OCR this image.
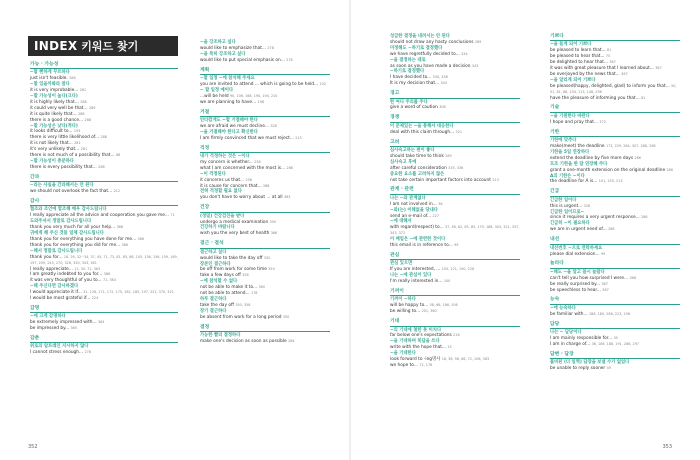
INDEX 키워드 찾기
가능 · 가능성
~할 뻔하게 무르하다
just isn't feasible. 288
~할 있을까봐라 참다
it is very improbable... 281
~할 가능성이 높다(크다)
it is highly likely that... 288
it could very well be that... 289
it is quite likely that... 288
there is a good chance... 288
~할 가능성은 낮다(적다)
it looks difficult to... 193
there is very little likelihood of... 288
it is not likely that... 281
it's very unlikely that... 281
there is not much of a possibility that... 88
~할 가능성이 충분하다
there is every possibility that... 288
간과
~라는 사실을 간과해서는 안 된다
we should not overlook the fact that... 212
감사
협조와 조언에 합조해 매우 감사드립니다
I really appreciate all the advice and cooperation you gave me... 71
도와주셔서 정말로 감사드립니다
thank you very much for all your help... 368
귀에게 해 주신 것들 일체 감사드립니다
thank you for everything you have done for me... 366
thank you for everything you did for me... 366
~해서 정말로 감사드립니다
thank you for... 18, 26, 32~34, 37, 45, 71, 73, 81, 85, 86, 105, 136, 156, 159, 169, 197, 209, 245, 270, 326, 330, 343, 361
I really appreciate... 12, 30, 71, 363
I am greatly indebted to you for... 368
it was very thoughtful of you to... 71, 363
~해 주신다면 감사하겠다
I would appreciate it if... 31, 126, 171, 172, 175, 182, 185, 197, 321, 370, 321
I would be most grateful if... 224
감명
~에 크게 감명하다
be extremely impressed with... 364
be impressed by... 365
감춘
위로의 암트레인 지시하지 않다
I cannot stress enough... 278
~을 강조하고 싶다
would like to emphasize that... 278
~을 특히 강조하고 싶다
would like to put special emphasis on... 278
계획
~할 일정 ~에 참석해 주세요
you are invited to attend ... which is going to be held... 102
~ 할 일정 예이다
...will be held 90, 106, 168, 190, 194, 210
we are planning to have... 198
거절
안타깝게도 ~할 거절해야 한다
we are afraid we must decline... 328
~을 거절해야 한다고 확신한다
I am firmly convinced that we must reject... 215
걱정
내가 걱정하는 것은 ~이다
my concern is whether... 258
what I am concerned with the most is... 286
~이 걱정된다
it concerns us that... 258
it is cause for concern that... 288
전혀 걱정할 필요 없다
you don't have to worry about ... at all 363
건강
(정밀) 건강검진을 받다
undergo a medical examination 350
건강하기 바랍니다
wish you the very best of health 366
결근 · 결석
결근하고 싶다
would like to take the day off 330
장본인 결근하다
be off from work for some time 350
take a few days off 358
~에 참석할 수 없다
not be able to make it to... 360
not be able to attend... 178
하루 결근하다
take the day off 350, 358
장기 결근하다
be absent from work for a long period 350
결정
가능한 빨리 결정하다
make one's decision as soon as possible 284
352
성급한 결정을 내려서는 안 된다
should not draw any hasty conclusions 289
미정해도 ~하기로 결정했다
we have regretfully decided to... 334
~을 결정하는 대로
as soon as you have made a decision 343
~하기로 결정했다
I have decided to... 330, 358
It is my decision that... 343
경고
한 여디 주의를 주다
give a word of caution 308
경쟁
이 문제있는 ~을 통해서 대응한다
deal with this claim through... 321
고려
심사숙고하는 편이 좋다
should take time to think 289
심사숙고 후에
after careful consideration 335, 336
중요한 요소를 고려하지 않은
not take certain important factors into account 213
관계 · 관련
나는 ~와 관계없다
I am not involved in... 36
~와(는) 이해없을 당내다
send an e-mail of... 227
~에 대해서
with regard(respect) to... 37, 46, 62, 65, 85, 179, 188, 303, 321, 337, 343, 372
이 메일은 ~에 관련한 것이다
this email is in reference to... 99
관심
관심 있으면
If you are interested, ... 105, 121, 190, 228
나는 ~에 관심이 있다
I'm really interested in... 100
기꺼이
기꺼이 ~하다
will be happy to... 58, 66, 186, 206
be willing to... 201, 360
기대
~의 기대에 철한 못 미치다
far below one's expectations 216
~을 기대하며 복답을 쓰다
write with the hope that... 15
~을 기대한다
look forward to -ing명사 18, 38, 58, 66, 72, 108, 363
we hope to... 72, 176
기쁘다
~을 들게 되어 기쁘다
be pleased to learn that... 81
be pleased to hear that... 70
be delighted to hear that... 367
it was with great pleasure that I learned about... 367
be overjoyed by the news that... 367
~을 알리게 되어 기쁘다
be pleased(happy, delighted, glad) to inform you that... 50, 51, 81, 88, 104, 113, 148, 298
have the pleasure of informing you that... 81
기술
~을 기원한다 바란다
I hope and pray that... 372
기한
기한에 맞추다
make(meet) the deadline 173, 229, 284, 307, 286, 298
기한을 5일 연장하다
extend the deadline by five more days 286
모조 기한을 한 달 연장해 주다
grant a one-month extension on the original deadline 286
A의 기한은 ~이다
the deadline for A is... 101, 155, 213
긴급
긴급한 일이다
this is urgent... 328
긴급한 일이므로~
since it requires a very urgent response... 286
긴급히 ~이 필요하다
we are in urgent need of... 286
내선
내선번호 ~으로 연락하세요
please dial extension... 99
놀라다
~해도 ~을 알고 몹시 놀랐다
can't tell you how surprised I were... 368
be really surprised by... 367
be speechless to hear... 367
능숙
~에 능숙하다
be familiar with... 188, 189, 286, 223, 198
담당
나는 ~ 담당이다
I am mainly responsible for... 35
I am in charge of... 36, 186, 188, 191, 286, 297
답변 · 답장
불비된 (더 일찍) 답장을 보낼 수가 없었다
be unable to reply sooner 49
353
